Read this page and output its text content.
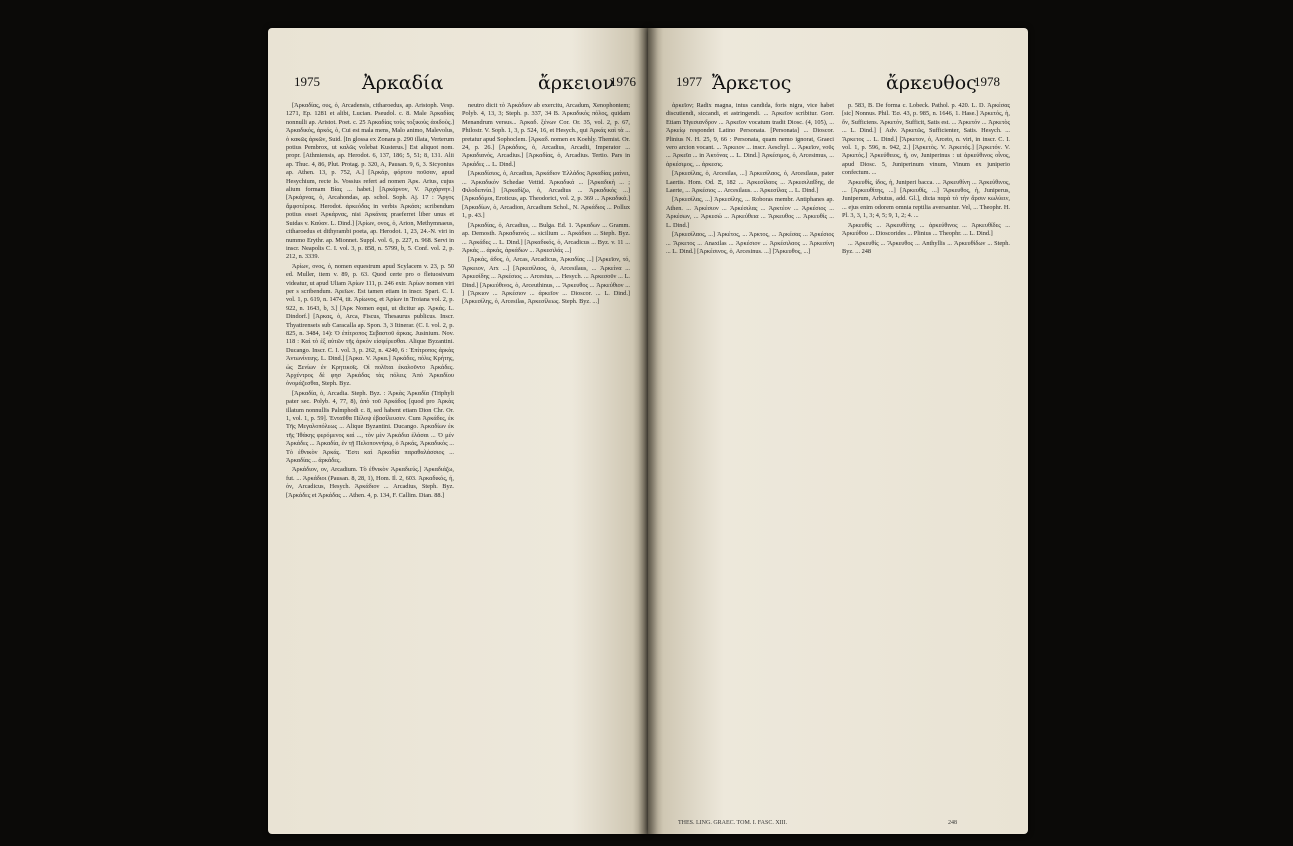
1975 Ἀρκαδία	ἄρκειον
1976

[Ἀρκαδίας, ους, ὁ, Arcadensis, citharoedus, ap. Aristoph. Vesp. 1271, Ep. 1281 et alibi, Lucian. Pseudol. c. 8. Male Ἀρκαδίας nonnulli ap. Aristot. Poet. c. 25 Ἀρκαδίας τοὺς τοξικοὺς ἀοιδοὺς.] Ἀρκαδικός, ἀρκός, ὁ, Cui est mala mens, Malo animo, Malevolus, ὁ κακῶς ἀρκῶν, Suid. [In glossa ex Zonara p. 290 illata, Verterum potius Pembrox, ut καλῶς volebat Kusterus.] Est aliquot nom. propr. [Athmiensis, ap. Herodot. 6, 137, 186; 5, 51; 8, 131. Alii ap. Thuc. 4, 86, Plut. Protag. p. 320, A, Pausan. 9, 6, 3. Sicyonius ap. Athen. 13, p. 752, A.] [Ἀρκάρ, φόρτου ποῦσαν, apud Hesychium, recte ls. Vossius refert ad nomen Ἀρκ. Arius, cujus alium formam Βίας ... habet.] [Ἀρκάρνον, V. Ἀρχάρνην.] [Ἀρκάρνας, ὁ, Arcahondas, ap. schol. Soph. Aj. 17 : Ἄργος ἄμφοτέροις. Herodot. ἀρκεόδας in verbis Ἀρκάσι; scribendum potius esset Ἀρκάρνας, nisi Ἀρκάνας praeferret liber unus et Suidas v. Καύαν. L. Dind.] [Ἀρίων, ονος, ὁ, Arion, Methymnaeus, citharoedus et dithyrambi poeta, ap. Herodot. 1, 23, 24.-N. viri in nummo Erythr. ap. Mionnet. Suppl. vol. 6, p. 227, n. 968. Servi in inscr. Neapolis C. I. vol. 3, p. 858, n. 5799, b, 5. Conf. vol. 2, p. 212, n. 3339.

Ἀρίων, ονος, ὁ, nomen equestrum apud Scylacem v. 23, p. 50 ed. Muller, item v. 89, p. 63. Quod certe pro o fletuosivum videatur, ut apud Uliam Ἀρίων 111, p. 246 extr. Ἀρίων nomen viri per s scribendum. Ἀρεῖων. Est tamen etiam in inscr. Spart. C. I. vol. 1, p. 619, n. 1474, tit. Ἀρίωνος, et Ἀρίων in Troiana vol. 2, p. 922, n. 1643, b, 3.] [Ἀρκ Nomen equi, ut dicitur ap. Ἀρκάς. L. Dindorf.] [Ἀρκας, ὁ, Arca, Fiscus, Thesaurus publicus. Inscr. Thyatirenseis sub Caracalla ap. Spon. 3, 3 Itinerar. (C. I. vol. 2, p. 825, n. 3484, 14): Ὁ ἐπίτροπος Σεβαστοῦ ἀρκας. Jusinium. Nov. 118 : Καὶ τὸ ἐξ αὐτῶν τῆς ἀρκὸν εἰσφέρεσθαι. Alique Byzantini. Ducango. Inscr. C. I. vol. 3, p. 262, n. 4240, 6 : Ἐπίτροπος ἀρκὰς Ἀντωνίνειης. L. Dind.] [Ἀρκα. V. Ἀρκα.] Ἀρκάδες, πόλις Κρήτης, ὡς Ξενίων ἐν Κρητικοῖς. Οἱ πολῖται ἐκαλοῦντο Ἀρκάδες. Ἀρχέντρος δὲ φησ Ἀρκάδας τὰς πόλεις Ἀπὸ Ἀρκαδίου ὀνομάζεσθαι, Steph. Byz.

[Ἀρκαδία, ὁ, Arcadia. Steph. Byz. : Ἀρκὰς Ἀρκαδία (Triphyli pater sec. Polyb. 4, 77, 8), ἀπὸ τοῦ Ἀρκάδος [quod pro Ἀρκὰς illatum nonnullis Palmphodi c. 8, sed habent etiam Dion Chr. Or. 1, vol. 1, p. 59]. Ἐνταῦθα Πέλοψ ἐβασίλευσεν. Cum Ἀρκάδες, ἐκ Τῆς Μεγαλοπόλεως ... Alique Byzantini. Ducango. Ἀρκαδίων ἐκ τῆς Ἰθάκης φερόμενος καὶ ..., τὸν μὲν Ἀρκάδια ἐλάσαι ... Ὁ μέν Ἀρκάδες ... Ἀρκαδία, ἐν τῇ Πελοποννήσῳ, ὁ Ἀρκάς, Ἀρκαδικὸς ... Τὸ ἐθνικὸν Ἀρκάς. Ἔστι καὶ Ἀρκαδία παραθαλάσσιος ... Ἀρκαδίας ... ἀρκάδες.

Ἀρκάδιον, ον, Arcadium. Τὸ ἐθνικὸν Ἀρκαδιεύς.] Ἀρκαδιάζω, fut. ... Ἀρκάδιοι (Pausan. 8, 28, 1), Hom. Il. 2, 603. Ἀρκαδικός, ή, όν, Arcadicus, Hesych. Ἀρκάδιον ... Arcadius, Steph. Byz. [Ἀρκάδες et Ἀρκάδας ... Athen. 4, p. 134, F. Callim. Dian. 88.]

neutro dicit τὸ Ἀρκάδιον ab exercitu, Arcadum, Xenophontem; Polyb. 4, 13, 3; Steph. p. 337, 34 B. Ἀρκαδικός πόλος, quidam Menandrum versus... Ἀρκαδ. ξένων Cor. Or. 35, vol. 2, p. 67, Philostr. V. Soph. 1, 3, p. 524, 16, et Hesych., qui Ἀρκάς καὶ τὰ ... pretatur apud Sophoclem. [Ἀρκαδ. nomen ex Koehly. Themist. Or. 24, p. 26.] [Ἀρκάδιος, ὁ, Arcadius, Arcadii, Imperator ... Ἀρκαδιανός, Arcadius.] [Ἀρκαδίας, ὁ, Arcadius. Tertio. Pars in Ἀρκάδες ... L. Dind.]

[Ἀρκαδίσιος, ὁ, Arcadius, Ἀρκάδιον Ἑλλάδος Ἀρκαδίας μαίνει, ... Ἀρκαδικόν Schedae Vettid. Ἀρκαδικά ... [Ἀρκαδικὴ ... ; Φιλοδεπνία.] [Ἀρκαδίζω, ὁ, Arcadius ... Ἀρκαδικός ...] [Ἀρκαδόμοι, Eroticus, ap. Theodorici, vol. 2, p. 369 ... Ἀρκαδικά.] [Ἀρκαδίων, ὁ, Arcadion, Arcadium Schol., N. Ἀρκάδιος ... Pollux 1, p. 43.]

[Ἀρκαδίας, ὁ, Arcadius, ... Bulga. Ed. 1. Ἄρκαδων ... Gramm. ap. Demosth. Ἀρκαδιανός ... sicilium ... Ἀρκάδιοι ... Steph. Byz. ... Ἀρκάδες ... L. Dind.] [Ἀρκαδικός, ὁ, Arcadicus ... Byz. v. 11 ... Ἀρκάς ... ἀρκάς, ἀρκάδων ... Ἀρκεσιλάς ...]

[Ἀρκάς, ἀδος, ὁ, Arcas, Arcadicus, Ἀρκαδίας ...] [Ἀρκεῖον, τό, Ἄρκειον, Arx ...] [Ἀρκεσίλαος, ὁ, Arcesilaus, ... Ἀρκείνα ... Ἀρκεσίδης ... Ἀρκέσιος ... Arcesius, ... Hesych. ... Ἀρκεσοῦν ... L. Dind.] [Ἀρκεύθινος, ὁ, Arceuthinus, ... Ἄρκευθος ... Ἀρκεύθιον ... ] [Ἄρκιον ... Ἀρκέσιον ... ἀρκεῖον ... Dioscor. ... L. Dind.] [Ἀρκεσίλης, ὁ, Arcesilas, Ἀρκεσίλεως. Steph. Byz. ...]

1977 Ἄρκετος	ἄρκευθος
1978

ἀρκεῖον; Radix magna, intus candida, foris nigra, vice habet discutiendi, siccandi, et astringendi. ... Ἀρκεῖον scribitur. Gorr. Etiam Ἡγεσιανδρον ... Ἀρκεῖον vocatum tradit Diosc. (4, 105), ... Ἀρκείῳ respondet Latino Personata. [Personata] ... Dioscor. Plinius N. H. 25, 9, 66 : Personata, quam nemo ignorat, Graeci vero arcion vocant. ... Ἄρκειον ... inscr. Aeschyl. ... Ἀρκεῖον, νοῦς ... Ἀρκεῖα ... in Ἀκτόνας ... L. Dind.] Ἀρκέσιμος, ὁ, Arcesimus, ... ἀρκέσιμος, ... ἀρκεσις.

[Ἀρκεσίλας, ὁ, Arcesilas, ...] Ἀρκεσίλαος, ὁ, Arcesilaus, pater Laertis. Hom. Od. Ξ, 182 ... Ἀρκεσίλαος ... Ἀρκεσιλαΐδης, de Laerte, ... Ἀρκέσιος ... Arcesilaus. ... Ἀρκεσίλας ... L. Dind.]

[Ἀρκεσίλας, ...] Ἀρκεσίλης, ... Roboras membr. Antiphanes ap. Athen. ... Ἀρκέσιον ... Ἀρκέσιλας ... Ἀρκτέον ... Ἀρκέσιος ... Ἀρκέσων, ... Ἀρκεσώ ... Ἀρκεύθεια ... Ἄρκευθος ... Ἀρκευθίς ... L. Dind.]

[Ἀρκεσίλαος, ...] Ἀρκέτος, ... Ἀρκτος, ... Ἀρκέσας ... Ἀρκέσιος ... Ἄρκετος ... Anaxilas ... Ἀρκέσιον ... Ἀρκέσιλαος ... Ἀρκεσίνη ... L. Dind.] [Ἀρκέσινος, ὁ, Arcesinus. ...] [Ἄρκευθος, ...]

p. 583, B. De forma c. Lobeck. Pathol. p. 420. L. D. Ἀρκέσας [sic] Nonnus. Phil. Ἐσ. 43, p. 985, n. 1646, 1. Hase.] Ἀρκετός, ἡ, ὄν, Sufficiens. Ἀρκετόν, Sufficit, Satis est. ... Ἀρκετόν ... Ἀρκετὸς ... L. Dind.] [ Adv. Ἀρκετῶς, Sufficienter, Satis. Hesych. ... Ἄρκετος ... L. Dind.] [Ἄρκετον, ὁ, Arceto, n. viri, in inscr. C. I. vol. 1, p. 596, n. 942, 2.] [Ἀρκετὸς. V. Ἀρκετός.] [Ἀρκετόν. V. Ἀρκετός.] Ἀρκεύθειος, ἡ, ον, Juniperinus : ut ἀρκεύθινος οἶνος, apud Diosc. 5, Juniperinum vinum, Vinum ex juniperio confectum. ...

Ἀρκευθίς, ίδος, ἡ, Juniperi bacca. ... Ἀρκευθίνη ... Ἀρκεύθινος, ... [Ἀρκευθίτης, ...] [Ἀρκευθίς, ...] Ἄρκευθος, ἡ, Juniperus, Juniperum, Arbutus, add. Gl.], dicta παρὰ τὸ τὴν ἄρσιν κωλύειν, ... ejus enim odorem omnia reptilia aversantur. Vel, ... Theophr. H. Pl. 3, 3, 1, 3; 4, 5; 9, 1, 2; 4. ...

Ἀρκευθὶς ... Ἀρκευθίτης ... ἀρκεύθινος ... Ἀρκευθίδες ... Ἀρκεύθου ... Dioscorides ... Plinius ... Theophr. ... L. Dind.]

... Ἀρκευθίς ... Ἄρκευθος ... Anthyllis ... Ἀρκευθίδων ... Steph. Byz. ... 248

THES. LING. GRAEC. TOM. I. FASC. XIII.	248
